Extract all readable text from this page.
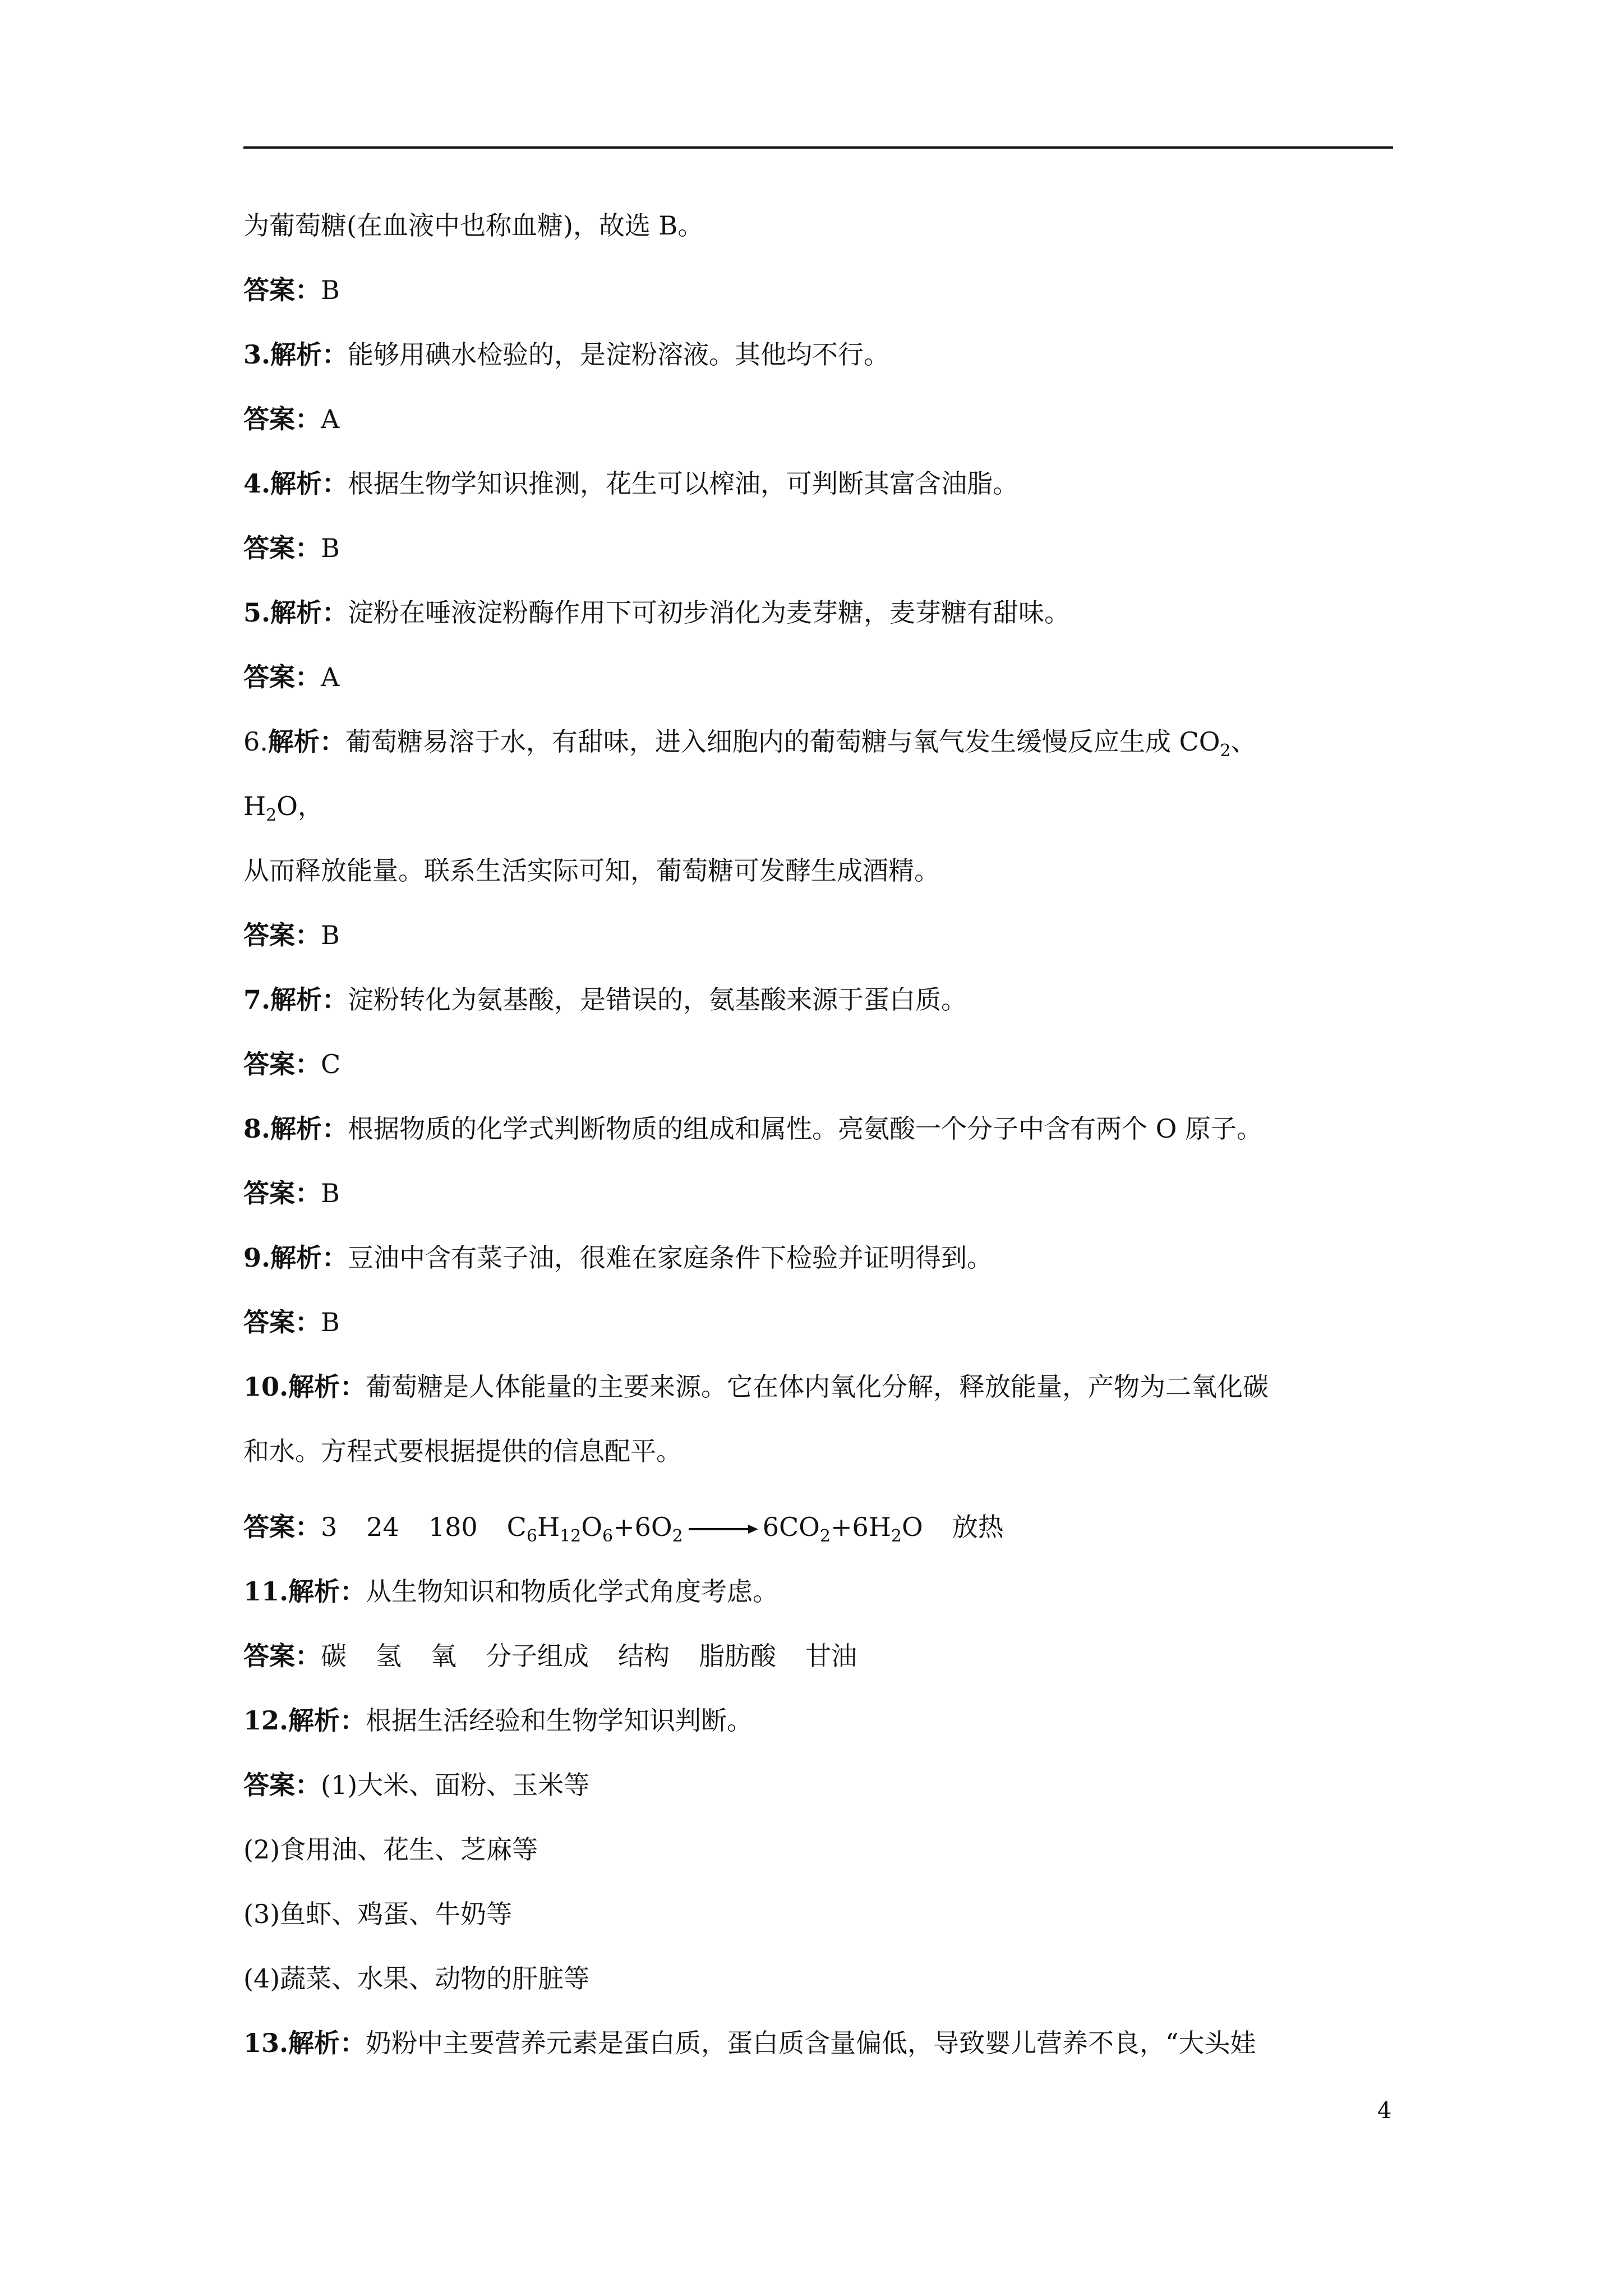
为葡萄糖(在血液中也称血糖)，故选 B。
答案：B
3.解析：能够用碘水检验的，是淀粉溶液。其他均不行。
答案：A
4.解析：根据生物学知识推测，花生可以榨油，可判断其富含油脂。
答案：B
5.解析：淀粉在唾液淀粉酶作用下可初步消化为麦芽糖，麦芽糖有甜味。
答案：A
6.解析：葡萄糖易溶于水，有甜味，进入细胞内的葡萄糖与氧气发生缓慢反应生成 $CO_2$、
$H_2O$，
从而释放能量。联系生活实际可知，葡萄糖可发酵生成酒精。
答案：B
7.解析：淀粉转化为氨基酸，是错误的，氨基酸来源于蛋白质。
答案：C
8.解析：根据物质的化学式判断物质的组成和属性。亮氨酸一个分子中含有两个 O 原子。
答案：B
9.解析：豆油中含有菜子油，很难在家庭条件下检验并证明得到。
答案：B
10.解析：葡萄糖是人体能量的主要来源。它在体内氧化分解，释放能量，产物为二氧化碳
和水。方程式要根据提供的信息配平。
答案：3 24 180 $C_6H_{12}O_6+6O_2 \to 6CO_2+6H_2O$ 放热
11.解析：从生物知识和物质化学式角度考虑。
答案：碳 氢 氧 分子组成 结构 脂肪酸 甘油
12.解析：根据生活经验和生物学知识判断。
答案：(1)大米、面粉、玉米等
(2)食用油、花生、芝麻等
(3)鱼虾、鸡蛋、牛奶等
(4)蔬菜、水果、动物的肝脏等
13.解析：奶粉中主要营养元素是蛋白质，蛋白质含量偏低，导致婴儿营养不良，“大头娃
4
